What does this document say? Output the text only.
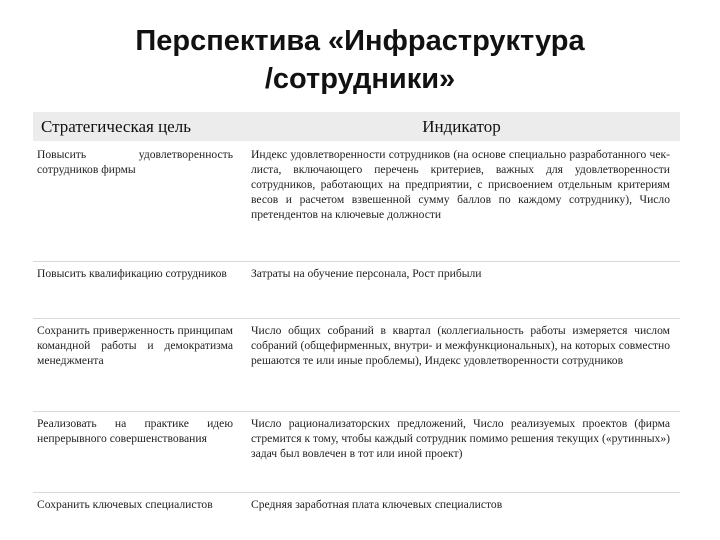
Перспектива «Инфраструктура
/сотрудники»
Стратегическая цель	Индикатор
Повысить удовлетворенность сотрудников фирмы	Индекс удовлетворенности сотрудников (на основе специально разработанного чек-листа, включающего перечень критериев, важных для удовлетворенности сотрудников, работающих на предприятии, с присвоением отдельным критериям весов и расчетом взвешенной сумму баллов по каждому сотруднику), Число претендентов на ключевые должности
Повысить квалификацию сотрудников	Затраты на обучение персонала, Рост прибыли
Сохранить приверженность принципам командной работы и демократизма менеджмента	Число общих собраний в квартал (коллегиальность работы измеряется числом собраний (общефирменных, внутри- и межфункциональных), на которых совместно решаются те или иные проблемы), Индекс удовлетворенности сотрудников
Реализовать на практике идею непрерывного совершенствования	Число рационализаторских предложений, Число реализуемых проектов (фирма стремится к тому, чтобы каждый сотрудник помимо решения текущих («рутинных») задач был вовлечен в тот или иной проект)
Сохранить ключевых специалистов	Средняя заработная плата ключевых специалистов
